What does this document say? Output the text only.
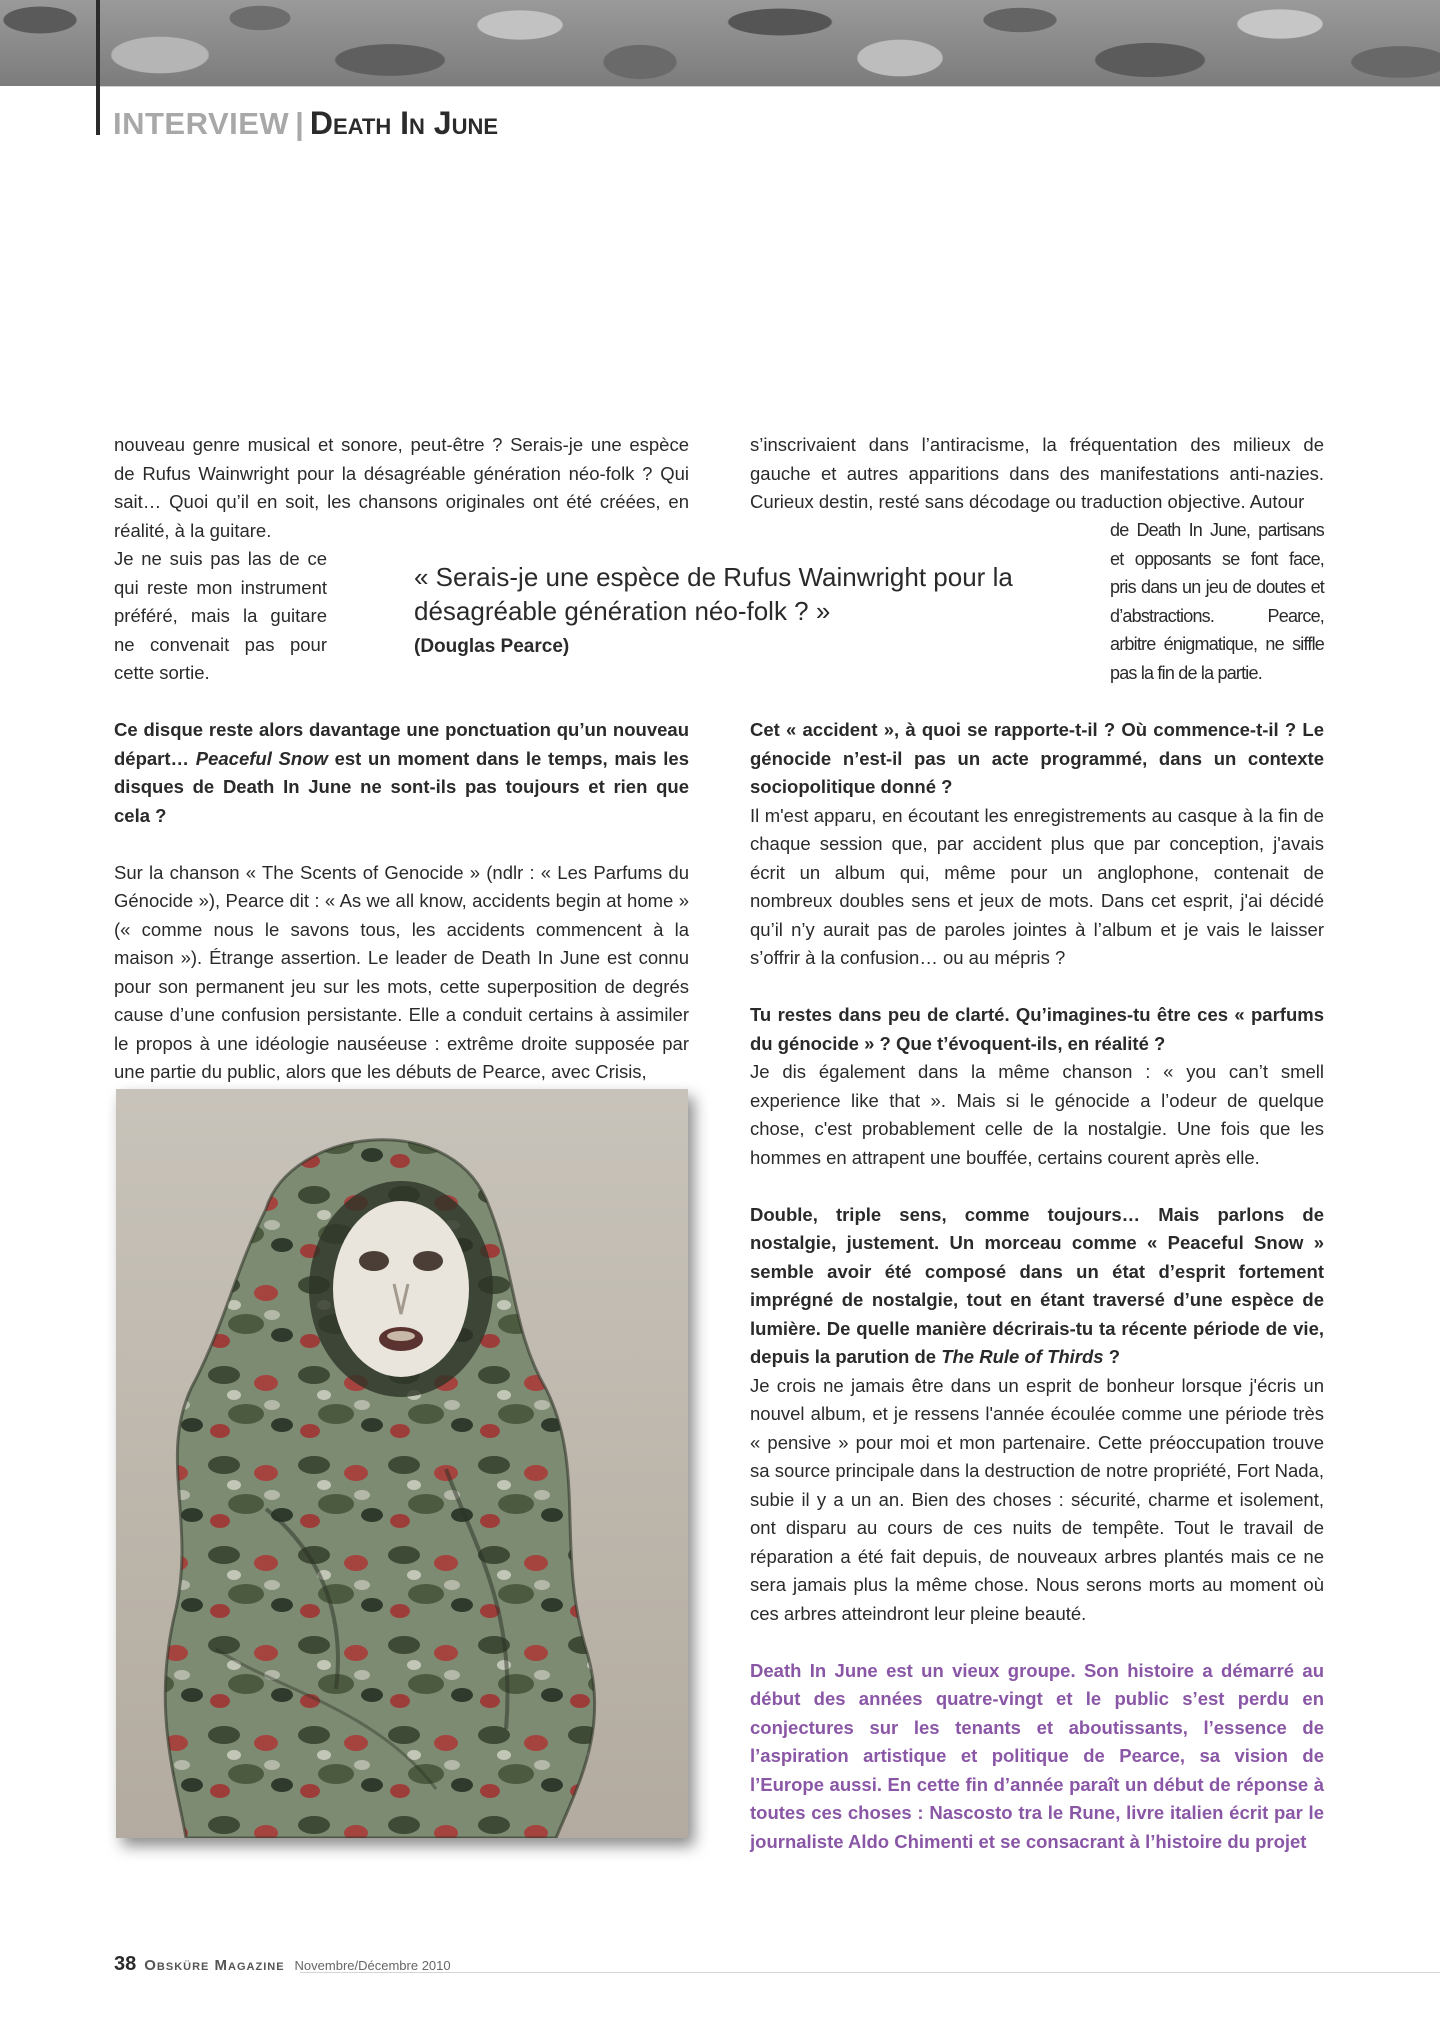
INTERVIEW | Death In June

nouveau genre musical et sonore, peut-être ? Serais-je une espèce de Rufus Wainwright pour la désagréable génération néo-folk ? Qui sait… Quoi qu’il en soit, les chansons originales ont été créées, en réalité, à la guitare.

Je ne suis pas las de ce qui reste mon instrument préféré, mais la guitare ne convenait pas pour cette sortie.

s’inscrivaient dans l’antiracisme, la fréquentation des milieux de gauche et autres apparitions dans des manifestations anti-nazies. Curieux destin, resté sans décodage ou traduction objective. Autour

de Death In June, partisans et opposants se font face, pris dans un jeu de doutes et d’abstractions. Pearce, arbitre énigmatique, ne siffle pas la fin de la partie.

« Serais-je une espèce de Rufus Wainwright pour la désagréable génération néo-folk ? »

(Douglas Pearce)

Ce disque reste alors davantage une ponctuation qu’un nouveau départ… Peaceful Snow est un moment dans le temps, mais les disques de Death In June ne sont-ils pas toujours et rien que cela ?

Sur la chanson « The Scents of Genocide » (ndlr : « Les Parfums du Génocide »), Pearce dit : « As we all know, accidents begin at home » (« comme nous le savons tous, les accidents commencent à la maison »). Étrange assertion. Le leader de Death In June est connu pour son permanent jeu sur les mots, cette superposition de degrés cause d’une confusion persistante. Elle a conduit certains à assimiler le propos à une idéologie nauséeuse : extrême droite supposée par une partie du public, alors que les débuts de Pearce, avec Crisis,

Cet « accident », à quoi se rapporte-t-il ? Où commence-t-il ? Le génocide n’est-il pas un acte programmé, dans un contexte sociopolitique donné ?

Il m'est apparu, en écoutant les enregistrements au casque à la fin de chaque session que, par accident plus que par conception, j'avais écrit un album qui, même pour un anglophone, contenait de nombreux doubles sens et jeux de mots. Dans cet esprit, j'ai décidé qu’il n’y aurait pas de paroles jointes à l’album et je vais le laisser s’offrir à la confusion… ou au mépris ?

Tu restes dans peu de clarté. Qu’imagines-tu être ces « parfums du génocide » ? Que t’évoquent-ils, en réalité ?

Je dis également dans la même chanson : « you can’t smell experience like that ». Mais si le génocide a l’odeur de quelque chose, c'est probablement celle de la nostalgie. Une fois que les hommes en attrapent une bouffée, certains courent après elle.

Double, triple sens, comme toujours… Mais parlons de nostalgie, justement. Un morceau comme « Peaceful Snow » semble avoir été composé dans un état d’esprit fortement imprégné de nostalgie, tout en étant traversé d’une espèce de lumière. De quelle manière décrirais-tu ta récente période de vie, depuis la parution de The Rule of Thirds ?

Je crois ne jamais être dans un esprit de bonheur lorsque j'écris un nouvel album, et je ressens l'année écoulée comme une période très « pensive » pour moi et mon partenaire. Cette préoccupation trouve sa source principale dans la destruction de notre propriété, Fort Nada, subie il y a un an. Bien des choses : sécurité, charme et isolement, ont disparu au cours de ces nuits de tempête. Tout le travail de réparation a été fait depuis, de nouveaux arbres plantés mais ce ne sera jamais plus la même chose. Nous serons morts au moment où ces arbres atteindront leur pleine beauté.

Death In June est un vieux groupe. Son histoire a démarré au début des années quatre-vingt et le public s’est perdu en conjectures sur les tenants et aboutissants, l’essence de l’aspiration artistique et politique de Pearce, sa vision de l’Europe aussi. En cette fin d’année paraît un début de réponse à toutes ces choses : Nascosto tra le Rune, livre italien écrit par le journaliste Aldo Chimenti et se consacrant à l’histoire du projet

38 Obsküre Magazine Novembre/Décembre 2010
